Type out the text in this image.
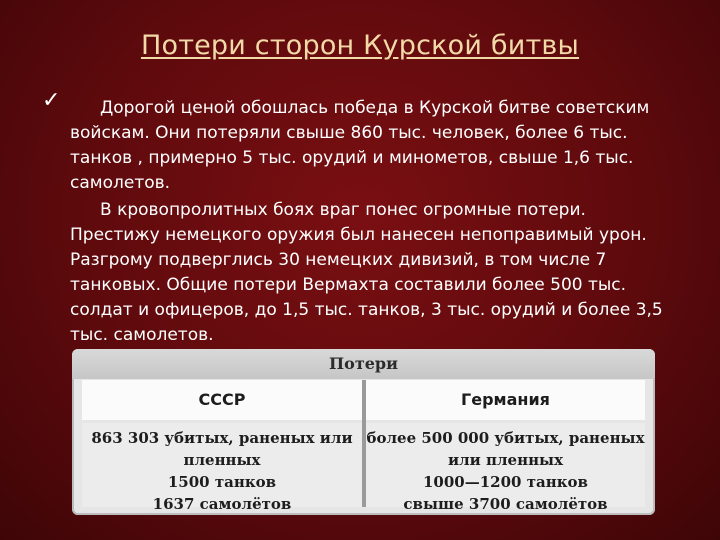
Потери сторон Курской битвы
✓	Дорогой ценой обошлась победа в Курской битве советским войскам. Они потеряли свыше 860 тыс. человек, более 6 тыс. танков , примерно 5 тыс. орудий и минометов, свыше 1,6 тыс. самолетов.

В кровопролитных боях враг понес огромные потери. Престижу немецкого оружия был нанесен непоправимый урон. Разгрому подверглись 30 немецких дивизий, в том числе 7 танковых. Общие потери Вермахта составили более 500 тыс. солдат и офицеров, до 1,5 тыс. танков, 3 тыс. орудий и более 3,5 тыс. самолетов.

Потери
СССР	Германия
863 303 убитых, раненых или
пленных
1500 танков
1637 самолётов
более 500 000 убитых, раненых
или пленных
1000—1200 танков
свыше 3700 самолётов
